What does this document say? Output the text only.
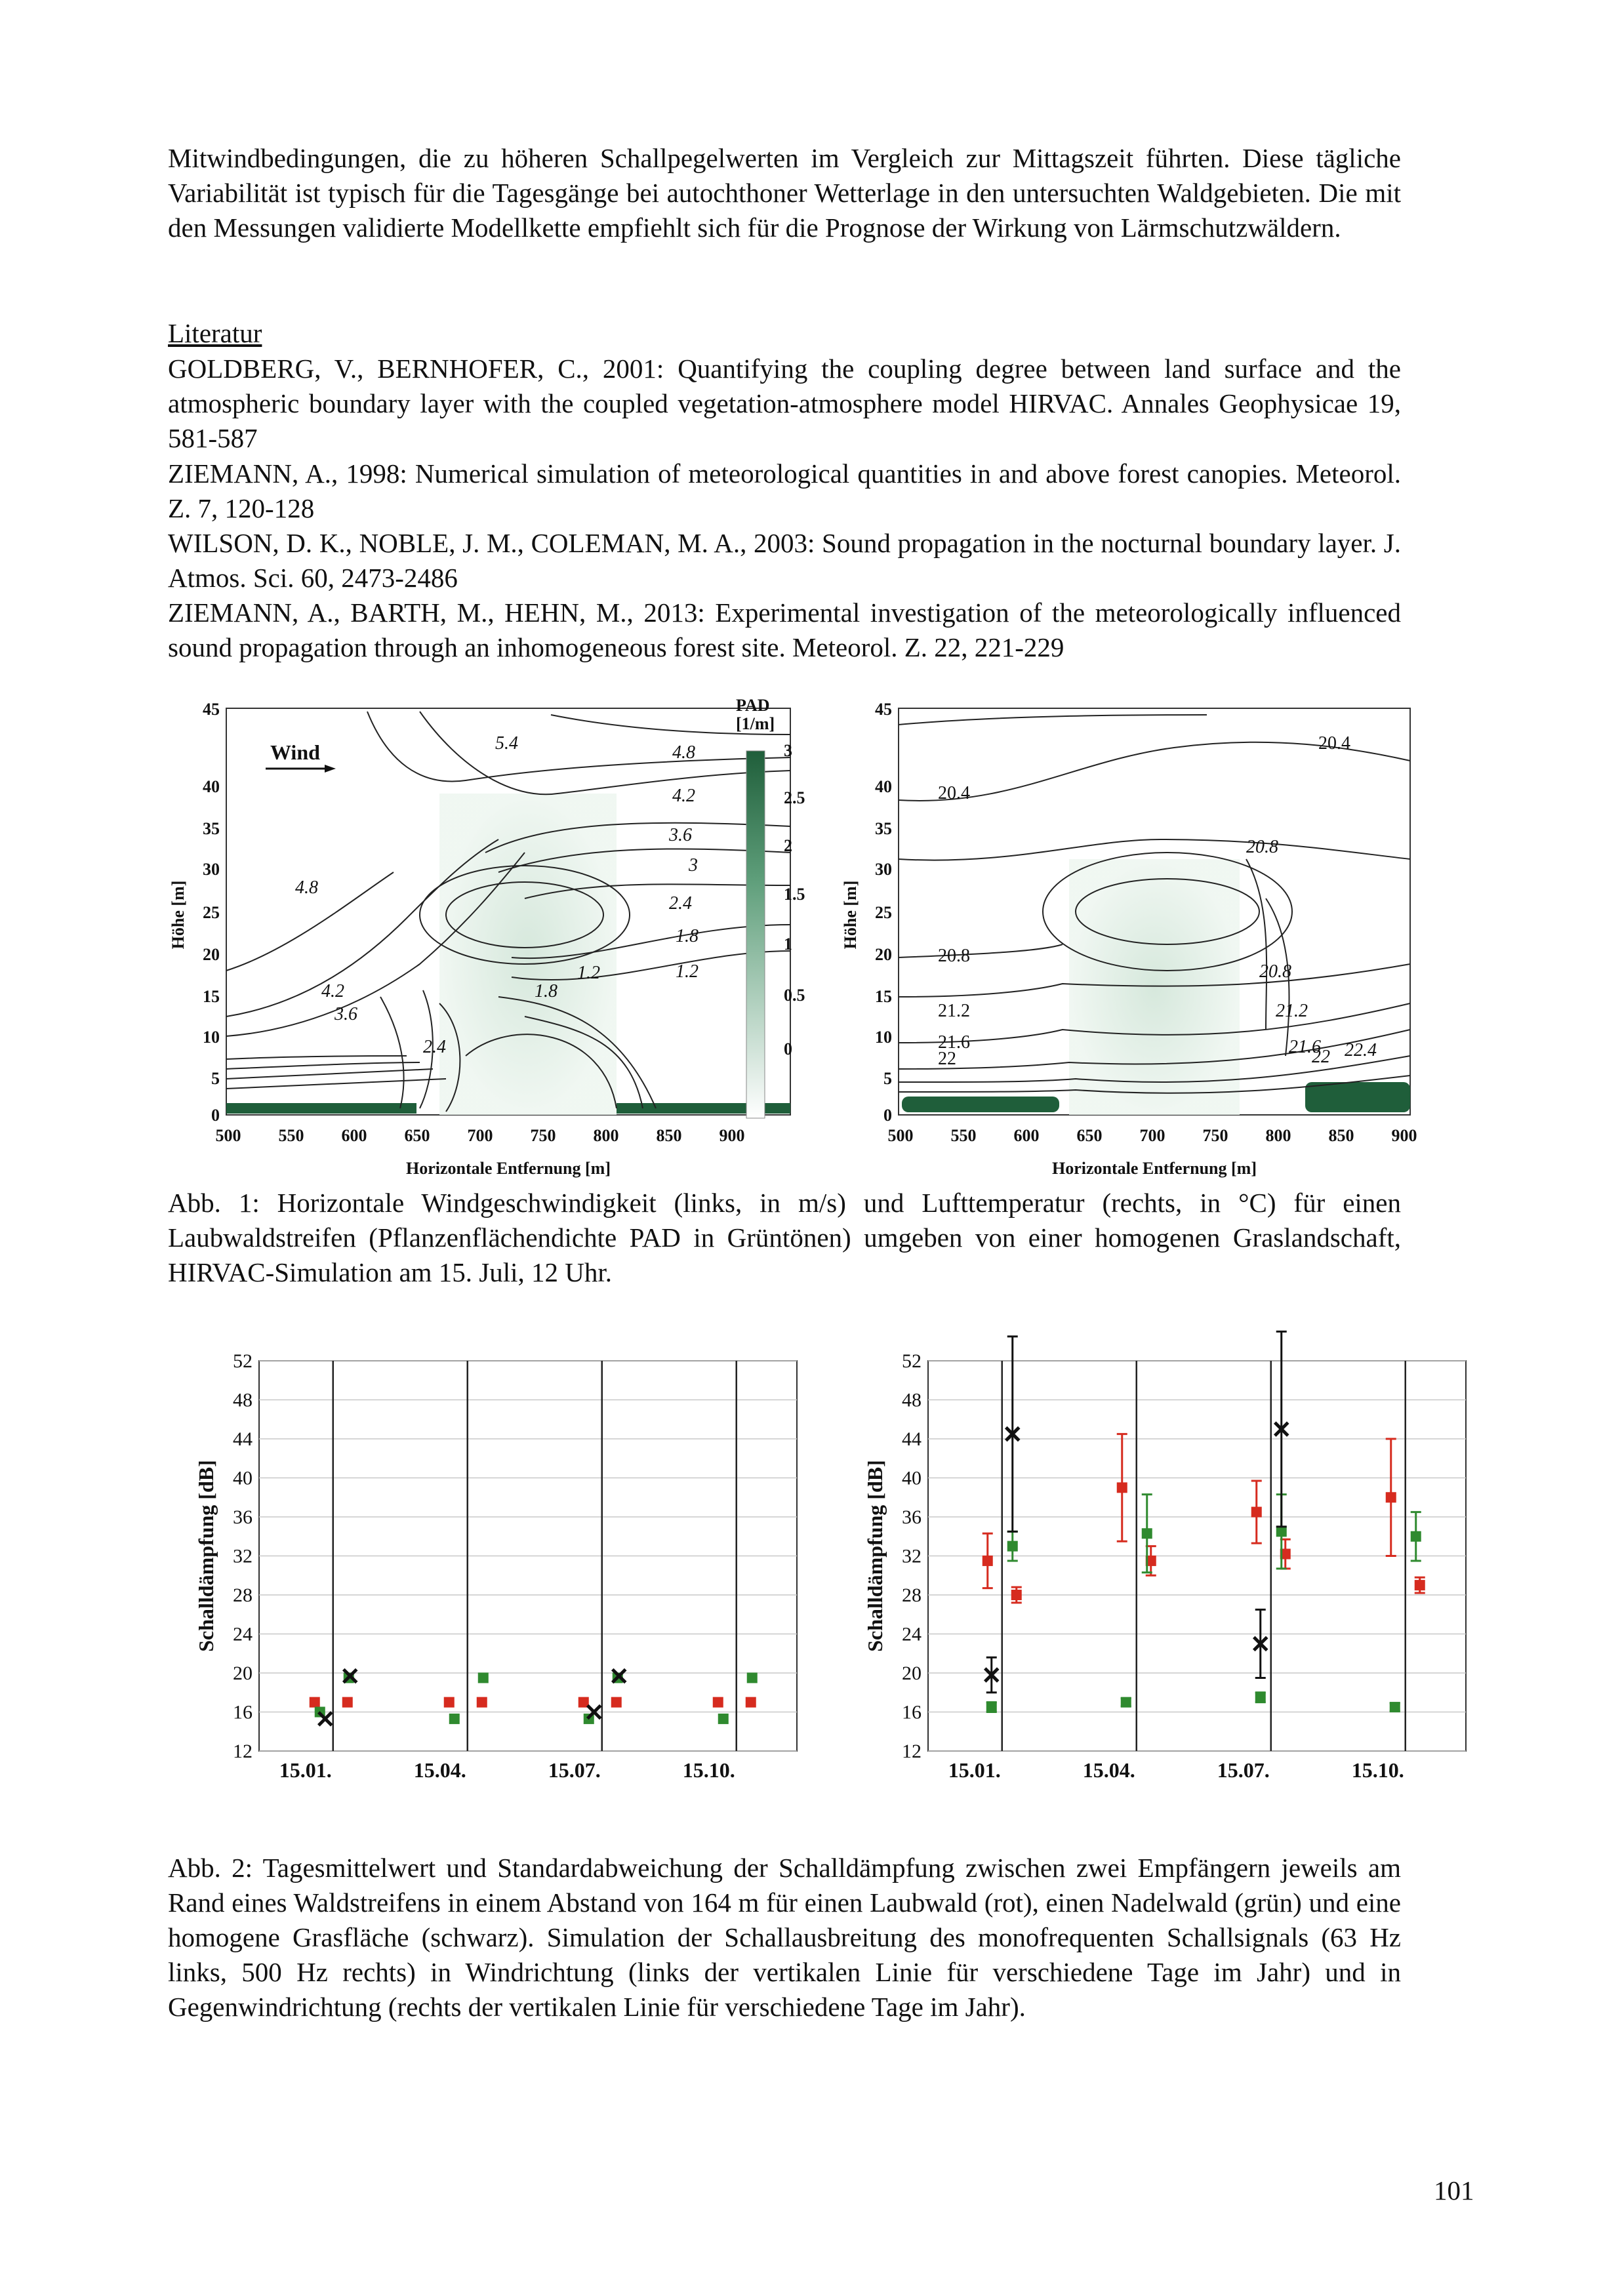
Mitwindbedingungen, die zu höheren Schallpegelwerten im Vergleich zur Mittagszeit führten. Diese tägliche Variabilität ist typisch für die Tagesgänge bei autochthoner Wetterlage in den untersuchten Waldgebieten. Die mit den Messungen validierte Modellkette empfiehlt sich für die Prognose der Wirkung von Lärmschutzwäldern.

Literatur

GOLDBERG, V., BERNHOFER, C., 2001: Quantifying the coupling degree between land surface and the atmospheric boundary layer with the coupled vegetation-atmosphere model HIRVAC. Annales Geophysicae 19, 581-587

ZIEMANN, A., 1998: Numerical simulation of meteorological quantities in and above forest canopies. Meteorol. Z. 7, 120-128

WILSON, D. K., NOBLE, J. M., COLEMAN, M. A., 2003: Sound propagation in the nocturnal boundary layer. J. Atmos. Sci. 60, 2473-2486

ZIEMANN, A., BARTH, M., HEHN, M., 2013: Experimental investigation of the meteorologically influenced sound propagation through an inhomogeneous forest site. Meteorol. Z. 22, 221-229

Wind	5.4	4.8
4.2
3.6
3
2.4
1.8
1.2
4.8
4.2
3.6
2.4
1.8
1.2
0
5
10
15
20
25
30
35
40
45
500 550 600 650 700 750 800 850 900
Horizontale Entfernung [m]
Höhe [m]
PAD
[1/m]
3
2.5
2
1.5
1
0.5
0
20.4
20.4
20.8
20.8
20.8
21.2
21.6
22
21.2
21.6
22 22.4
0
5
10
15
20
25
30
35
40
45
500 550 600 650 700 750 800 850 900
Horizontale Entfernung [m]
Höhe [m]

Abb. 1: Horizontale Windgeschwindigkeit (links, in m/s) und Lufttemperatur (rechts, in °C) für einen Laubwaldstreifen (Pflanzenflächendichte PAD in Grüntönen) umgeben von einer homogenen Graslandschaft, HIRVAC-Simulation am 15. Juli, 12 Uhr.

12
16
20
24
28
32
36
40
44
48
52
Schalldämpfung [dB]
15.01.	15.04.	15.07.	15.10.
12
16
20
24
28
32
36
40
44
48
52
Schalldämpfung [dB]
15.01.	15.04.	15.07.	15.10.

Abb. 2: Tagesmittelwert und Standardabweichung der Schalldämpfung zwischen zwei Empfängern jeweils am Rand eines Waldstreifens in einem Abstand von 164 m für einen Laubwald (rot), einen Nadelwald (grün) und eine homogene Grasfläche (schwarz). Simulation der Schallausbreitung des monofrequenten Schallsignals (63 Hz links, 500 Hz rechts) in Windrichtung (links der vertikalen Linie für verschiedene Tage im Jahr) und in Gegenwindrichtung (rechts der vertikalen Linie für verschiedene Tage im Jahr).

101
